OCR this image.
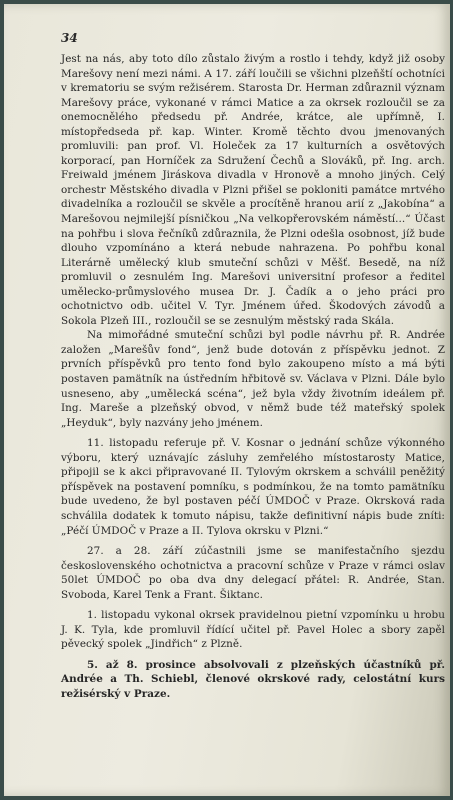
34

Jest na nás, aby toto dílo zůstalo živým a rostlo i tehdy, když již osoby Marešovy není mezi námi. A 17. září loučili se všichni plzeňští ochotníci v krematoriu se svým režisérem. Starosta Dr. Herman zdůraznil význam Marešovy práce, vykonané v rámci Matice a za okrsek rozloučil se za onemocnělého předsedu př. Andrée, krátce, ale upřímně, I. místopředseda př. kap. Winter. Kromě těchto dvou jmenovaných promluvili: pan prof. Vl. Holeček za 17 kulturních a osvětových korporací, pan Horníček za Sdružení Čechů a Slováků, př. Ing. arch. Freiwald jménem Jiráskova divadla v Hronově a mnoho jiných. Celý orchestr Městského divadla v Plzni přišel se pokloniti památce mrtvého divadelníka a rozloučil se skvěle a procítěně hranou arií z „Jakobína“ a Marešovou nejmilejší písničkou „Na velkopřerovském náměstí...“ Účast na pohřbu i slova řečníků zdůraznila, že Plzni odešla osobnost, jíž bude dlouho vzpomínáno a která nebude nahrazena. Po pohřbu konal Literárně umělecký klub smuteční schůzi v Měšť. Besedě, na níž promluvil o zesnulém Ing. Marešovi universitní profesor a ředitel umělecko-průmyslového musea Dr. J. Čadík a o jeho práci pro ochotnictvo odb. učitel V. Tyr. Jménem úřed. Škodových závodů a Sokola Plzeň III., rozloučil se se zesnulým městský rada Skála.

Na mimořádné smuteční schůzi byl podle návrhu př. R. Andrée založen „Marešův fond“, jenž bude dotován z příspěvku jednot. Z prvních příspěvků pro tento fond bylo zakoupeno místo a má býti postaven pamätník na ústředním hřbitově sv. Václava v Plzni. Dále bylo usneseno, aby „umělecká scéna“, jež byla vždy životním ideálem př. Ing. Mareše a plzeňský obvod, v němž bude též mateřský spolek „Heyduk“, byly nazvány jeho jménem.

11. listopadu referuje př. V. Kosnar o jednání schůze výkonného výboru, který uznávajíc zásluhy zemřelého místostarosty Matice, připojil se k akci připravované II. Tylovým okrskem a schválil peněžitý příspěvek na postavení pomníku, s podmínkou, že na tomto pamätníku bude uvedeno, že byl postaven péčí ÚMDOČ v Praze. Okrsková rada schválila dodatek k tomuto nápisu, takže definitivní nápis bude zníti: „Péčí ÚMDOČ v Praze a II. Tylova okrsku v Plzni.“

27. a 28. září zúčastnili jsme se manifestačního sjezdu československého ochotnictva a pracovní schůze v Praze v rámci oslav 50let ÚMDOČ po oba dva dny delegací přátel: R. Andrée, Stan. Svoboda, Karel Tenk a Frant. Šiktanc.

1. listopadu vykonal okrsek pravidelnou pietní vzpomínku u hrobu J. K. Tyla, kde promluvil řídící učitel př. Pavel Holec a sbory zapěl pěvecký spolek „Jindřich“ z Plzně.

5. až 8. prosince absolvovali z plzeňských účastníků př. Andrée a Th. Schiebl, členové okrskové rady, celostátní kurs režisérský v Praze.
